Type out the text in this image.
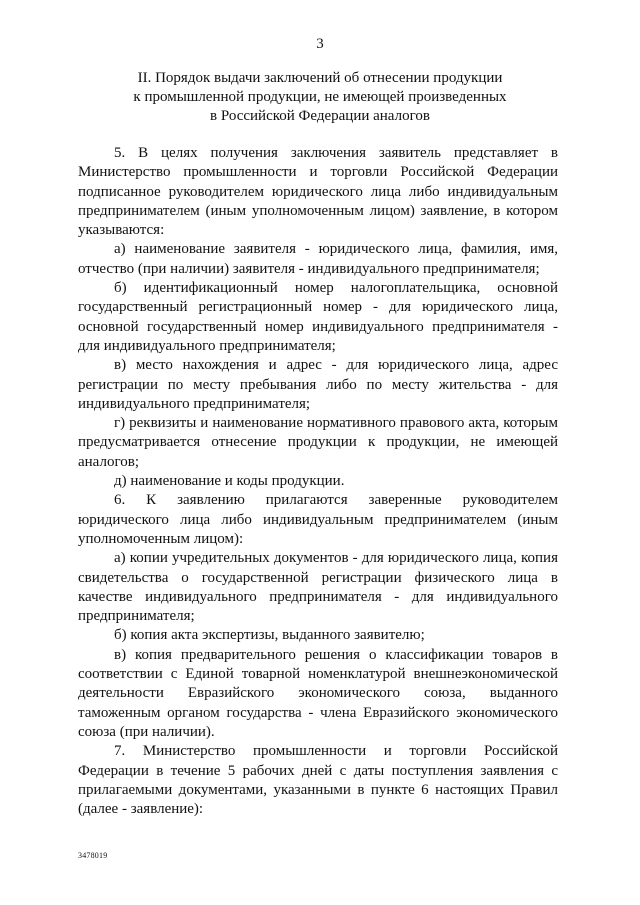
3
II. Порядок выдачи заключений об отнесении продукции
к промышленной продукции, не имеющей произведенных
в Российской Федерации аналогов

5. В целях получения заключения заявитель представляет в Министерство промышленности и торговли Российской Федерации подписанное руководителем юридического лица либо индивидуальным предпринимателем (иным уполномоченным лицом) заявление, в котором указываются:

а) наименование заявителя - юридического лица, фамилия, имя, отчество (при наличии) заявителя - индивидуального предпринимателя;

б) идентификационный номер налогоплательщика, основной государственный регистрационный номер - для юридического лица, основной государственный номер индивидуального предпринимателя - для индивидуального предпринимателя;

в) место нахождения и адрес - для юридического лица, адрес регистрации по месту пребывания либо по месту жительства - для индивидуального предпринимателя;

г) реквизиты и наименование нормативного правового акта, которым предусматривается отнесение продукции к продукции, не имеющей аналогов;

д) наименование и коды продукции.

6. К заявлению прилагаются заверенные руководителем юридического лица либо индивидуальным предпринимателем (иным уполномоченным лицом):

а) копии учредительных документов - для юридического лица, копия свидетельства о государственной регистрации физического лица в качестве индивидуального предпринимателя - для индивидуального предпринимателя;

б) копия акта экспертизы, выданного заявителю;

в) копия предварительного решения о классификации товаров в соответствии с Единой товарной номенклатурой внешнеэкономической деятельности Евразийского экономического союза, выданного таможенным органом государства - члена Евразийского экономического союза (при наличии).

7. Министерство промышленности и торговли Российской Федерации в течение 5 рабочих дней с даты поступления заявления с прилагаемыми документами, указанными в пункте 6 настоящих Правил (далее - заявление):

3478019
